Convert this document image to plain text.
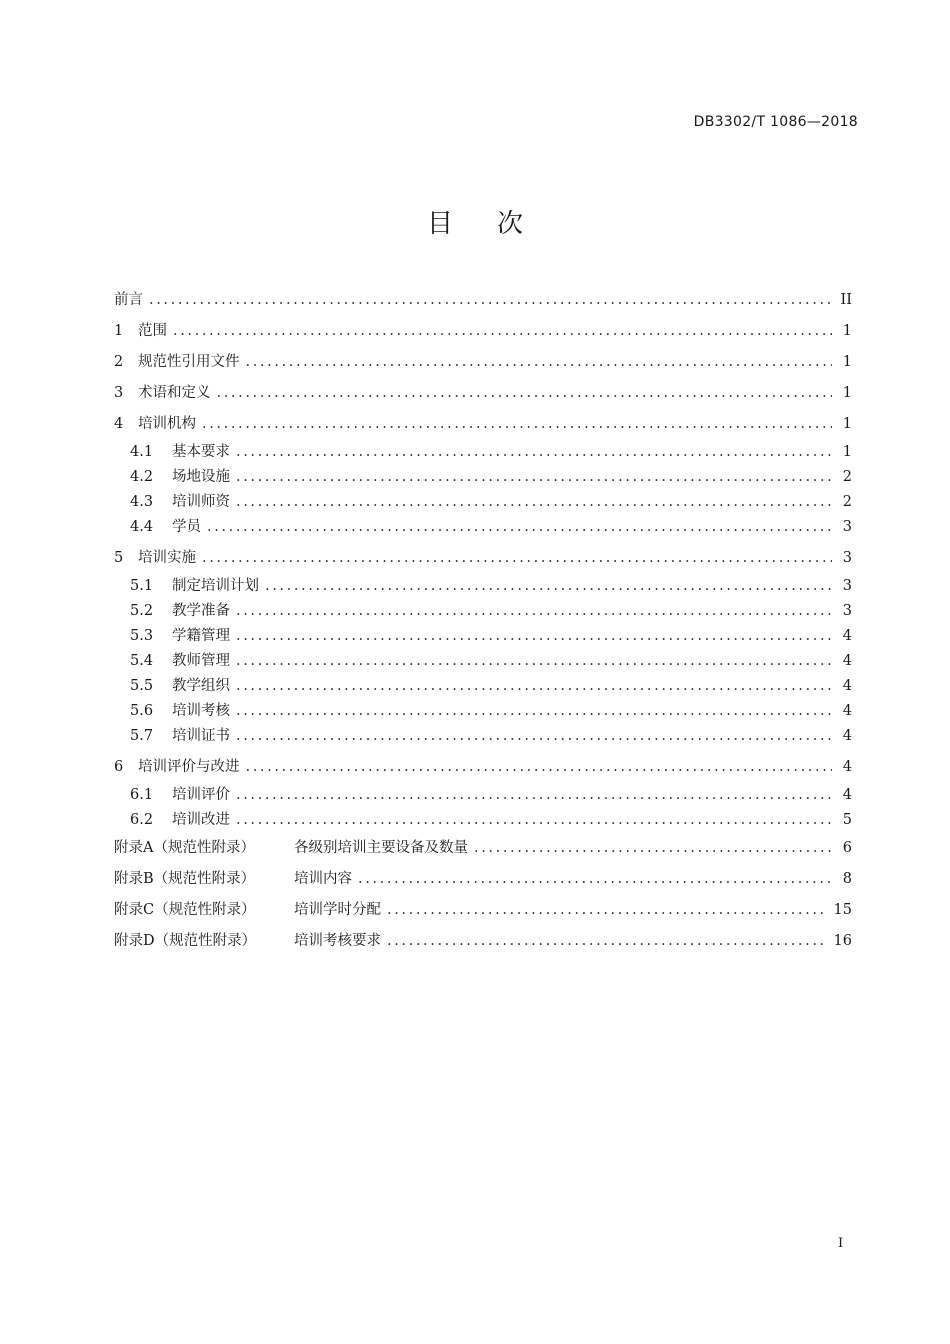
DB3302/T 1086—2018
目次
前言 .....	II
1	范围 .....	1
2	规范性引用文件 .....	1
3	术语和定义 .....	1
4	培训机构 .....	1
4.1	基本要求 .....	1
4.2	场地设施 .....	2
4.3	培训师资 .....	2
4.4	学员 .....	3
5	培训实施 .....	3
5.1	制定培训计划 .....	3
5.2	教学准备 .....	3
5.3	学籍管理 .....	4
5.4	教师管理 .....	4
5.5	教学组织 .....	4
5.6	培训考核 .....	4
5.7	培训证书 .....	4
6	培训评价与改进 .....	4
6.1	培训评价 .....	4
6.2	培训改进 .....	5
附录A（规范性附录）	各级别培训主要设备及数量 .....	6
附录B（规范性附录）	培训内容 .....	8
附录C（规范性附录）	培训学时分配 .....	15
附录D（规范性附录）	培训考核要求 .....	16
I
